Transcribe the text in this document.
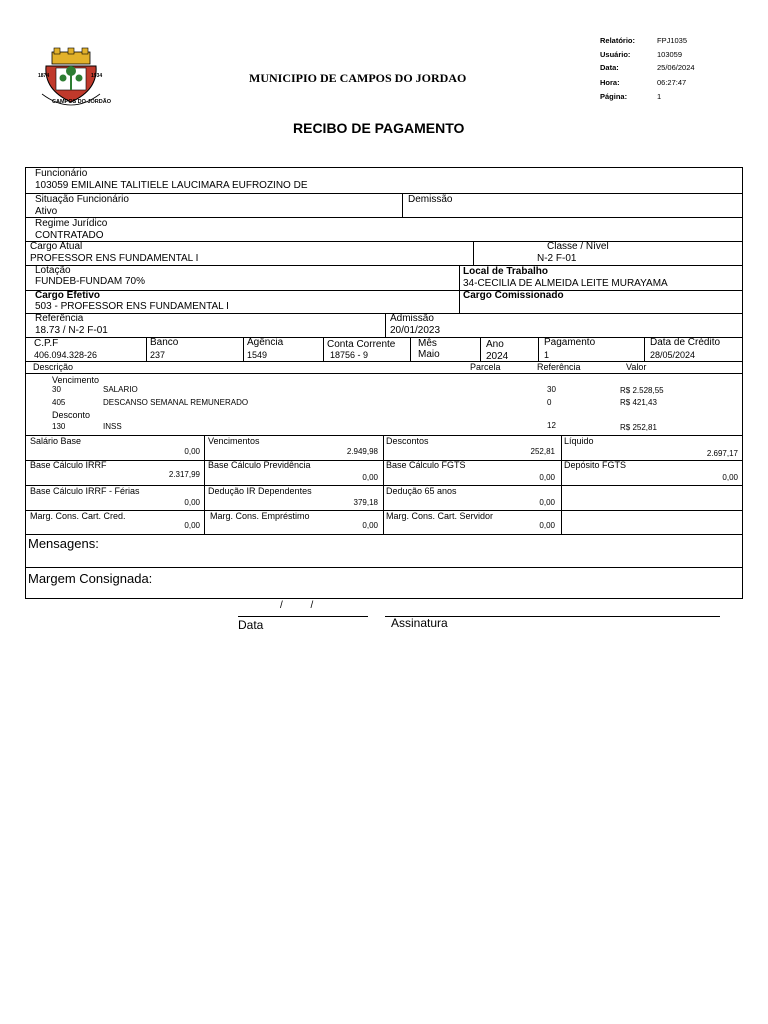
CAMPOS DO JORDÃO
1874	1934	MUNICIPIO DE CAMPOS DO JORDAO
Relatório:	FPJ1035
Usuário:	103059
Data:	25/06/2024
Hora:	06:27:47
Página:	1
RECIBO DE PAGAMENTO
Funcionário
103059 EMILAINE TALITIELE LAUCIMARA EUFROZINO DE
Situação Funcionário
Ativo
Demissão
Regime Jurídico
CONTRATADO
Cargo Atual
PROFESSOR ENS FUNDAMENTAL I
Classe / Nível
N-2 F-01
Lotação
FUNDEB-FUNDAM 70%
Local de Trabalho
34-CECILIA DE ALMEIDA LEITE MURAYAMA
Cargo Efetivo
503 - PROFESSOR ENS FUNDAMENTAL I
Cargo Comissionado
Referência
18.73 / N-2 F-01
Admissão
20/01/2023
C.P.F
406.094.328-26
Banco
237
Agência
1549
Conta Corrente
18756 - 9
Mês
Maio
Ano
2024
Pagamento
1
Data de Crédito
28/05/2024
Descrição	Parcela	Referência	Valor
Vencimento
30	SALARIO	30	R$ 2.528,55
405	DESCANSO SEMANAL REMUNERADO	0	R$ 421,43
Desconto
130	INSS	12	R$ 252,81
Salário Base
0,00
Vencimentos
2.949,98
Descontos
252,81
Líquido
2.697,17
Base Cálculo IRRF
2.317,99
Base Cálculo Previdência
0,00
Base Cálculo FGTS
0,00
Depósito FGTS
0,00
Base Cálculo IRRF - Férias
0,00
Dedução IR Dependentes
379,18
Dedução 65 anos
0,00
Marg. Cons. Cart. Cred.
0,00
Marg. Cons. Empréstimo
0,00
Marg. Cons. Cart. Servidor
0,00
Mensagens:
Margem Consignada:
/          /
Data	Assinatura
